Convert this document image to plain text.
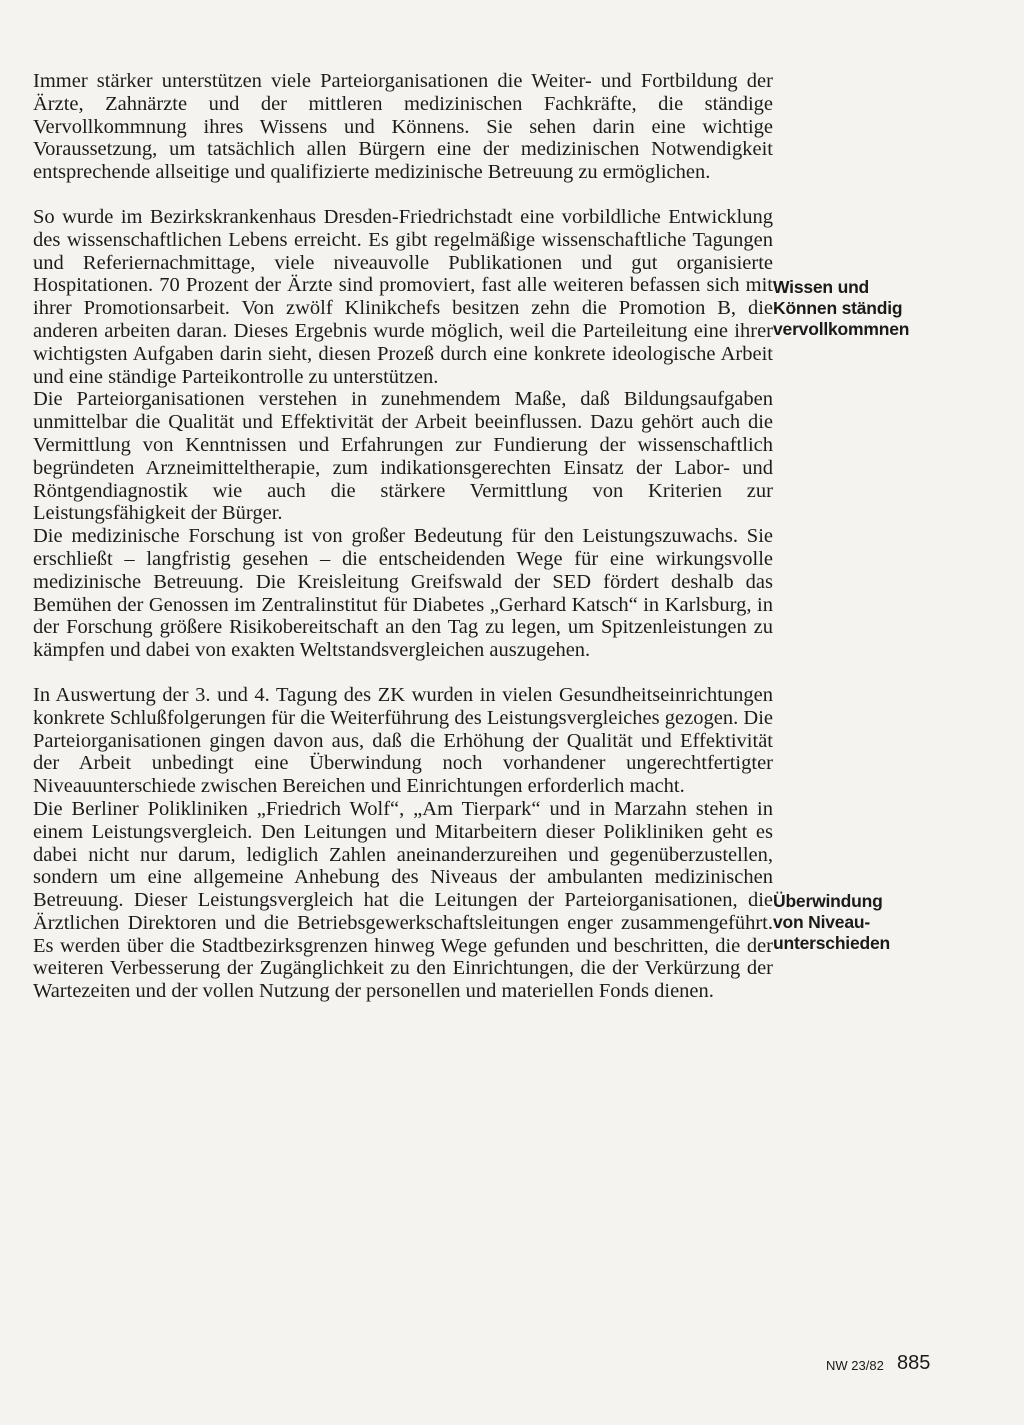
Immer stärker unterstützen viele Parteiorganisationen die Weiter- und Fortbildung der Ärzte, Zahnärzte und der mittleren medizinischen Fachkräfte, die ständige Vervollkommnung ihres Wissens und Könnens. Sie sehen darin eine wichtige Voraussetzung, um tatsächlich allen Bürgern eine der medizinischen Notwendigkeit entsprechende allseitige und qualifizierte medizinische Betreuung zu ermöglichen.

So wurde im Bezirkskrankenhaus Dresden-Friedrichstadt eine vorbildliche Entwicklung des wissenschaftlichen Lebens erreicht. Es gibt regelmäßige wissenschaftliche Tagungen und Referiernachmittage, viele niveauvolle Publikationen und gut organisierte Hospitationen. 70 Prozent der Ärzte sind promoviert, fast alle weiteren befassen sich mit ihrer Promotionsarbeit. Von zwölf Klinikchefs besitzen zehn die Promotion B, die anderen arbeiten daran. Dieses Ergebnis wurde möglich, weil die Parteileitung eine ihrer wichtigsten Aufgaben darin sieht, diesen Prozeß durch eine konkrete ideologische Arbeit und eine ständige Parteikontrolle zu unterstützen.

Die Parteiorganisationen verstehen in zunehmendem Maße, daß Bildungsaufgaben unmittelbar die Qualität und Effektivität der Arbeit beeinflussen. Dazu gehört auch die Vermittlung von Kenntnissen und Erfahrungen zur Fundierung der wissenschaftlich begründeten Arzneimitteltherapie, zum indikationsgerechten Einsatz der Labor- und Röntgendiagnostik wie auch die stärkere Vermittlung von Kriterien zur Leistungsfähigkeit der Bürger.

Die medizinische Forschung ist von großer Bedeutung für den Leistungszuwachs. Sie erschließt – langfristig gesehen – die entscheidenden Wege für eine wirkungsvolle medizinische Betreuung. Die Kreisleitung Greifswald der SED fördert deshalb das Bemühen der Genossen im Zentralinstitut für Diabetes „Gerhard Katsch“ in Karlsburg, in der Forschung größere Risikobereitschaft an den Tag zu legen, um Spitzenleistungen zu kämpfen und dabei von exakten Weltstandsvergleichen auszugehen.

In Auswertung der 3. und 4. Tagung des ZK wurden in vielen Gesundheitseinrichtungen konkrete Schlußfolgerungen für die Weiterführung des Leistungsvergleiches gezogen. Die Parteiorganisationen gingen davon aus, daß die Erhöhung der Qualität und Effektivität der Arbeit unbedingt eine Überwindung noch vorhandener ungerechtfertigter Niveauunterschiede zwischen Bereichen und Einrichtungen erforderlich macht.

Die Berliner Polikliniken „Friedrich Wolf“, „Am Tierpark“ und in Marzahn stehen in einem Leistungsvergleich. Den Leitungen und Mitarbeitern dieser Polikliniken geht es dabei nicht nur darum, lediglich Zahlen aneinanderzureihen und gegenüberzustellen, sondern um eine allgemeine Anhebung des Niveaus der ambulanten medizinischen Betreuung. Dieser Leistungsvergleich hat die Leitungen der Parteiorganisationen, die Ärztlichen Direktoren und die Betriebsgewerkschaftsleitungen enger zusammengeführt. Es werden über die Stadtbezirksgrenzen hinweg Wege gefunden und beschritten, die der weiteren Verbesserung der Zugänglichkeit zu den Einrichtungen, die der Verkürzung der Wartezeiten und der vollen Nutzung der personellen und materiellen Fonds dienen.

Wissen und
Können ständig
vervollkommnen
Überwindung
von Niveau-
unterschieden
NW 23/82 885
